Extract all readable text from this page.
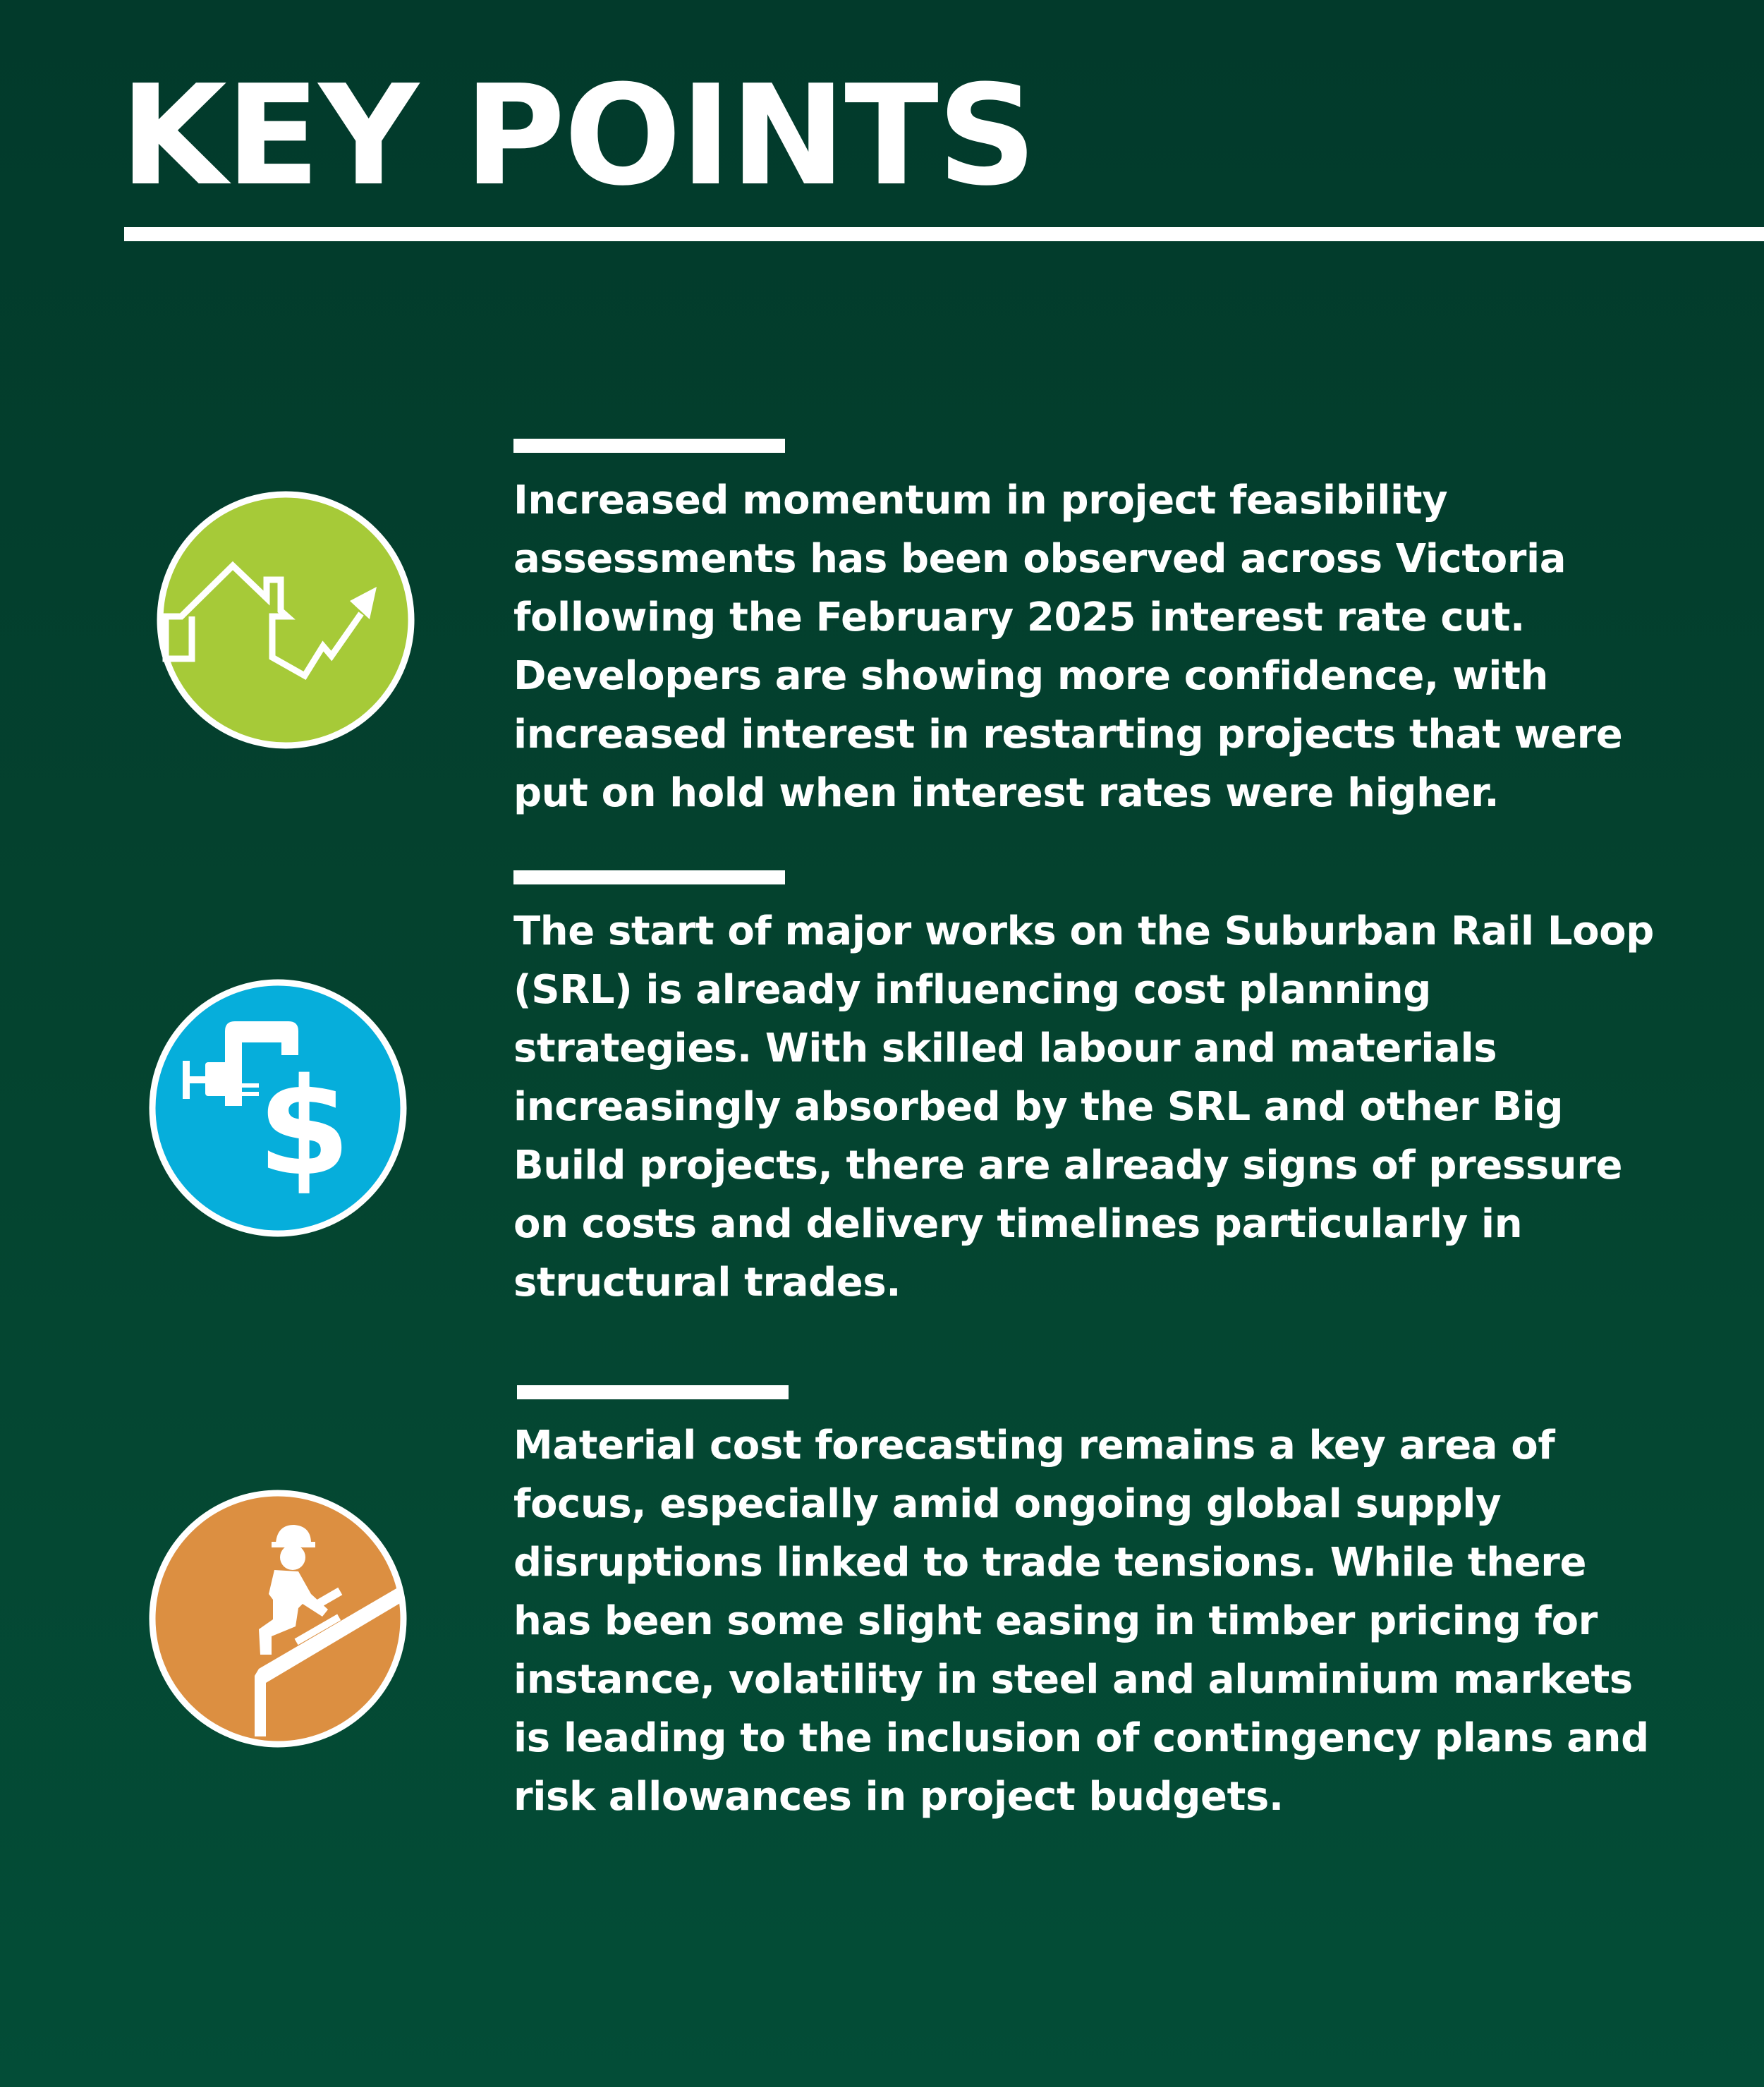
KEY POINTS

Increased momentum in project feasibility assessments has been observed across Victoria following the February 2025 interest rate cut. Developers are showing more confidence, with increased interest in restarting projects that were put on hold when interest rates were higher.

$

The start of major works on the Suburban Rail Loop (SRL) is already influencing cost planning strategies. With skilled labour and materials increasingly absorbed by the SRL and other Big Build projects, there are already signs of pressure on costs and delivery timelines particularly in structural trades.

Material cost forecasting remains a key area of focus, especially amid ongoing global supply disruptions linked to trade tensions. While there has been some slight easing in timber pricing for instance, volatility in steel and aluminium markets is leading to the inclusion of contingency plans and risk allowances in project budgets.
